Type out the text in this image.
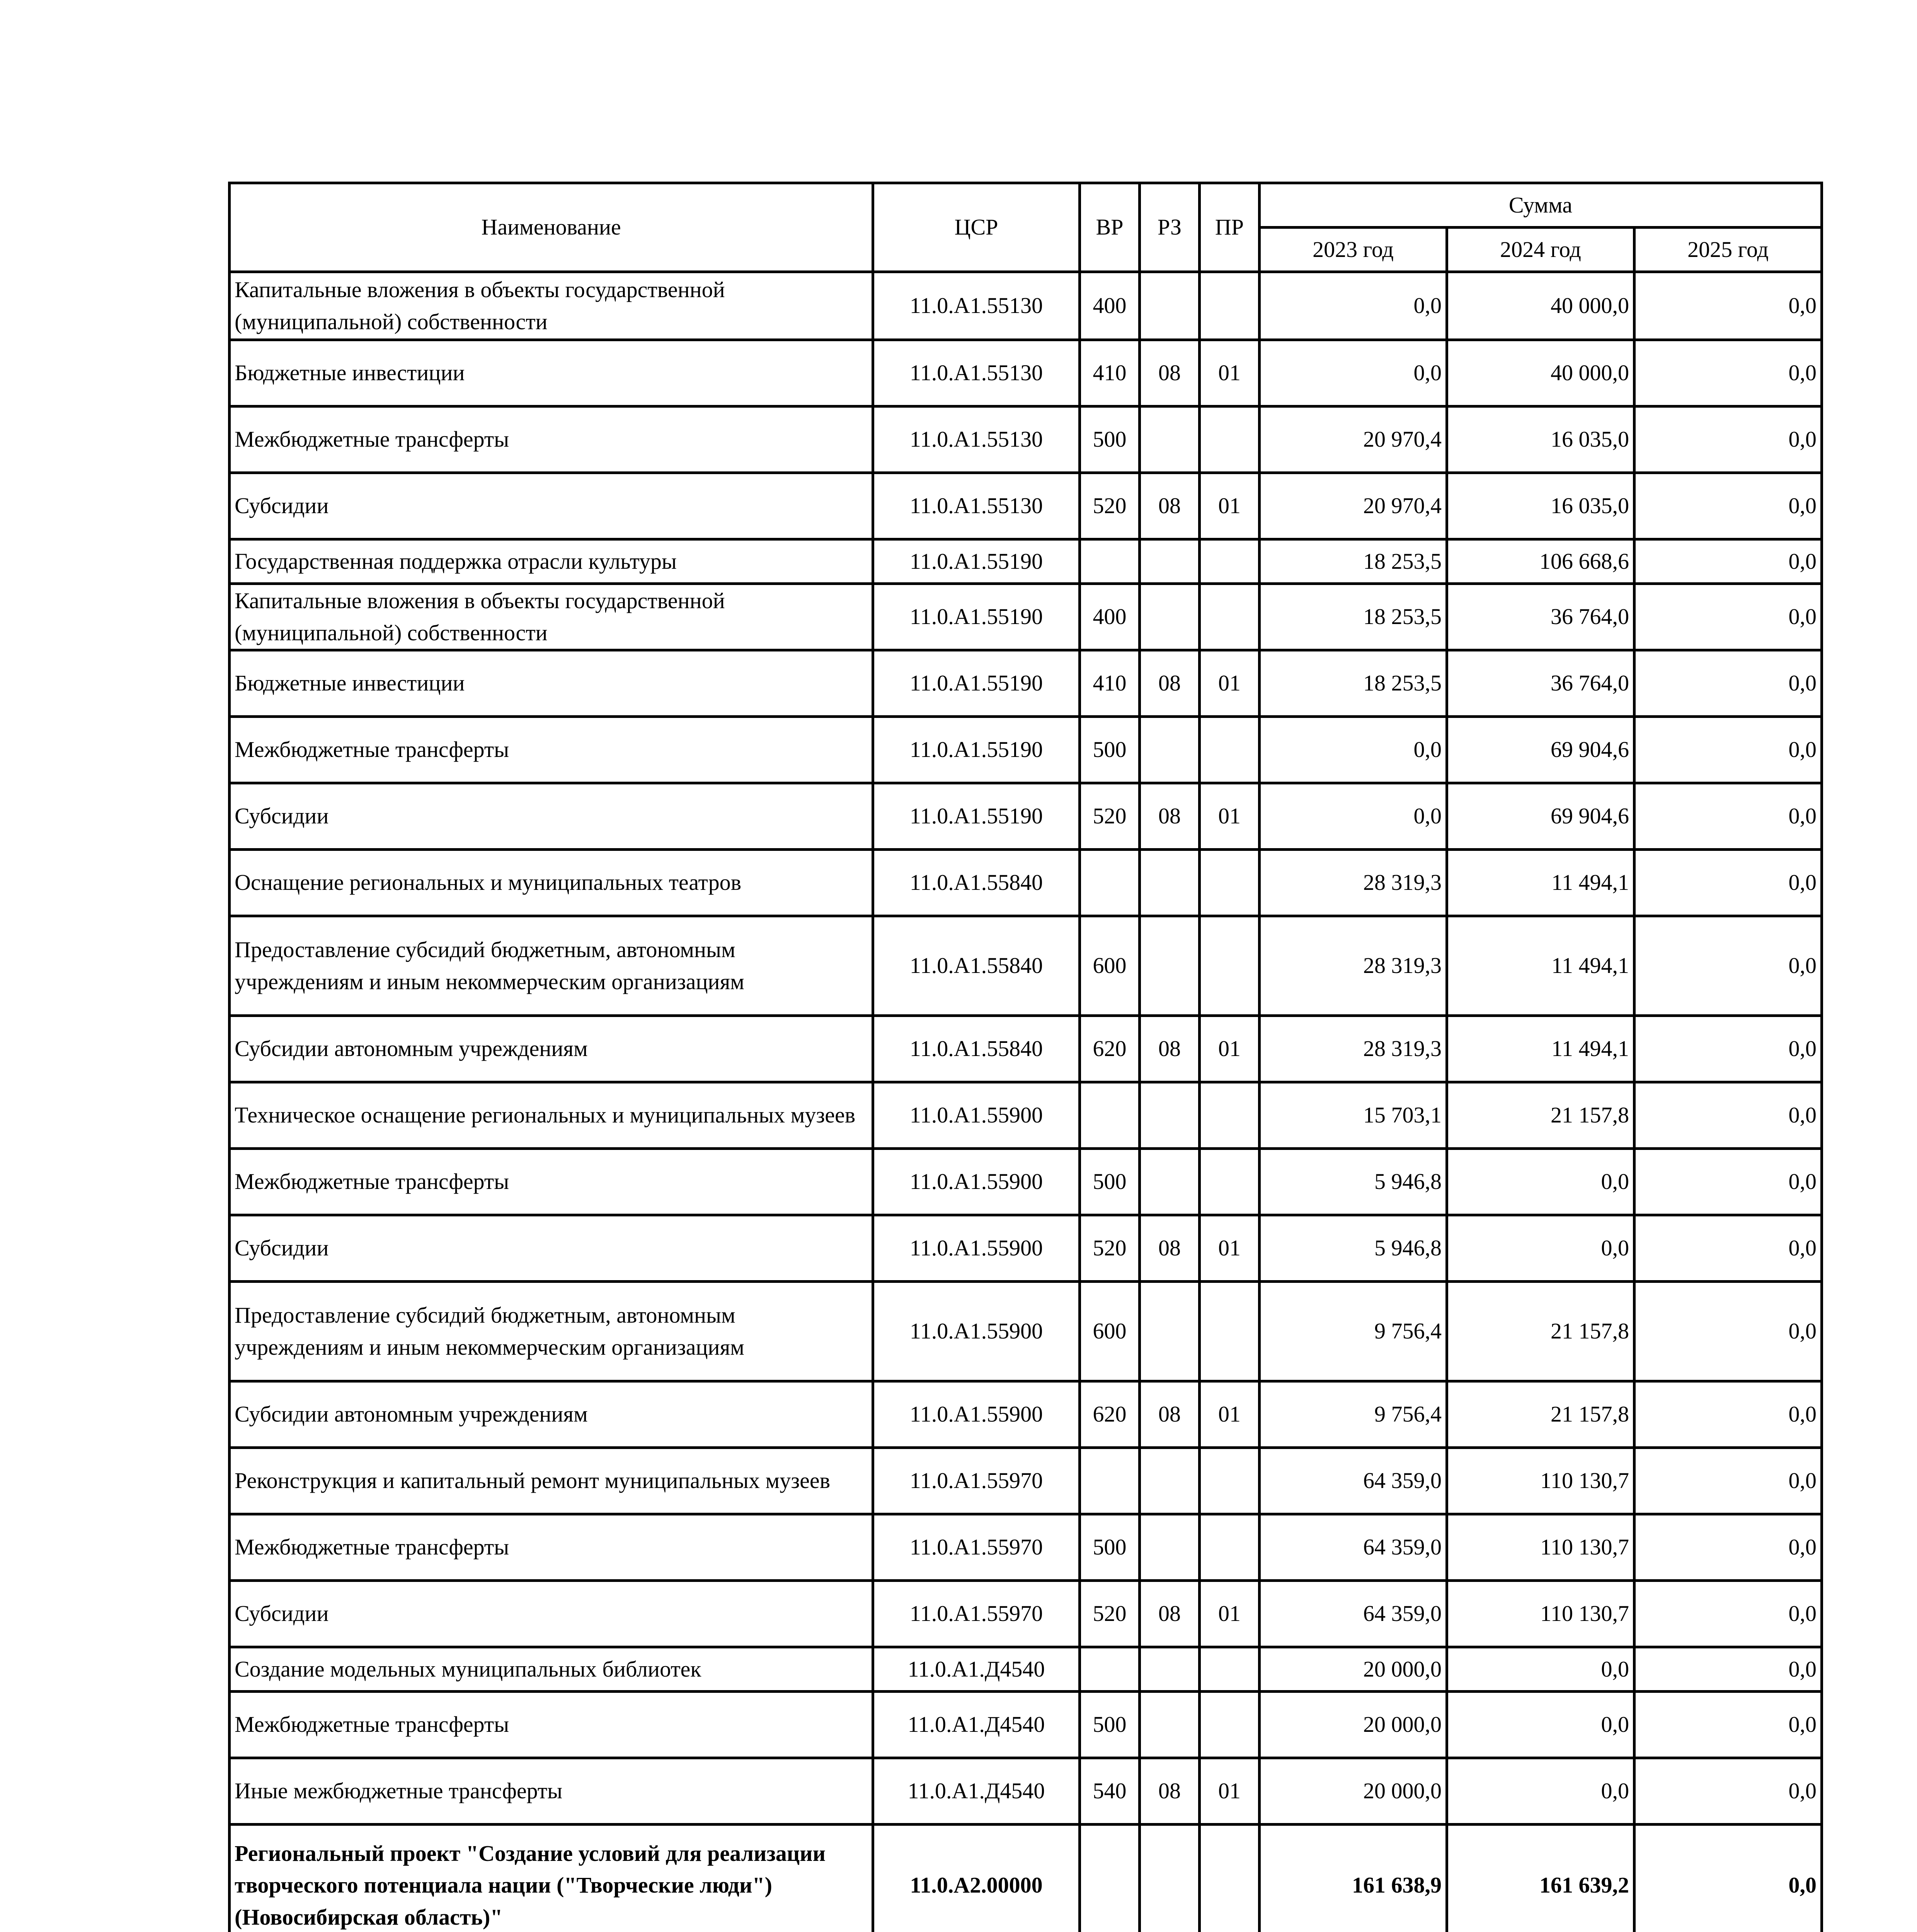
Наименование	ЦСР	ВР	РЗ	ПР	Сумма		
					2023 год	2024 год	2025 год
Капитальные вложения в объекты государственной (муниципальной) собственности	11.0.А1.55130	400			0,0	40 000,0	0,0
Бюджетные инвестиции	11.0.А1.55130	410	08	01	0,0	40 000,0	0,0
Межбюджетные трансферты	11.0.А1.55130	500			20 970,4	16 035,0	0,0
Субсидии	11.0.А1.55130	520	08	01	20 970,4	16 035,0	0,0
Государственная поддержка отрасли культуры	11.0.А1.55190				18 253,5	106 668,6	0,0
Капитальные вложения в объекты государственной (муниципальной) собственности	11.0.А1.55190	400			18 253,5	36 764,0	0,0
Бюджетные инвестиции	11.0.А1.55190	410	08	01	18 253,5	36 764,0	0,0
Межбюджетные трансферты	11.0.А1.55190	500			0,0	69 904,6	0,0
Субсидии	11.0.А1.55190	520	08	01	0,0	69 904,6	0,0
Оснащение региональных и муниципальных театров	11.0.А1.55840				28 319,3	11 494,1	0,0
Предоставление субсидий бюджетным, автономным учреждениям и иным некоммерческим организациям	11.0.А1.55840	600			28 319,3	11 494,1	0,0
Субсидии автономным учреждениям	11.0.А1.55840	620	08	01	28 319,3	11 494,1	0,0
Техническое оснащение региональных и муниципальных музеев	11.0.А1.55900				15 703,1	21 157,8	0,0
Межбюджетные трансферты	11.0.А1.55900	500			5 946,8	0,0	0,0
Субсидии	11.0.А1.55900	520	08	01	5 946,8	0,0	0,0
Предоставление субсидий бюджетным, автономным учреждениям и иным некоммерческим организациям	11.0.А1.55900	600			9 756,4	21 157,8	0,0
Субсидии автономным учреждениям	11.0.А1.55900	620	08	01	9 756,4	21 157,8	0,0
Реконструкция и капитальный ремонт муниципальных музеев	11.0.А1.55970				64 359,0	110 130,7	0,0
Межбюджетные трансферты	11.0.А1.55970	500			64 359,0	110 130,7	0,0
Субсидии	11.0.А1.55970	520	08	01	64 359,0	110 130,7	0,0
Создание модельных муниципальных библиотек	11.0.А1.Д4540				20 000,0	0,0	0,0
Межбюджетные трансферты	11.0.А1.Д4540	500			20 000,0	0,0	0,0
Иные межбюджетные трансферты	11.0.А1.Д4540	540	08	01	20 000,0	0,0	0,0
Региональный проект "Создание условий для реализации творческого потенциала нации ("Творческие люди") (Новосибирская область)"	11.0.А2.00000				161 638,9	161 639,2	0,0
